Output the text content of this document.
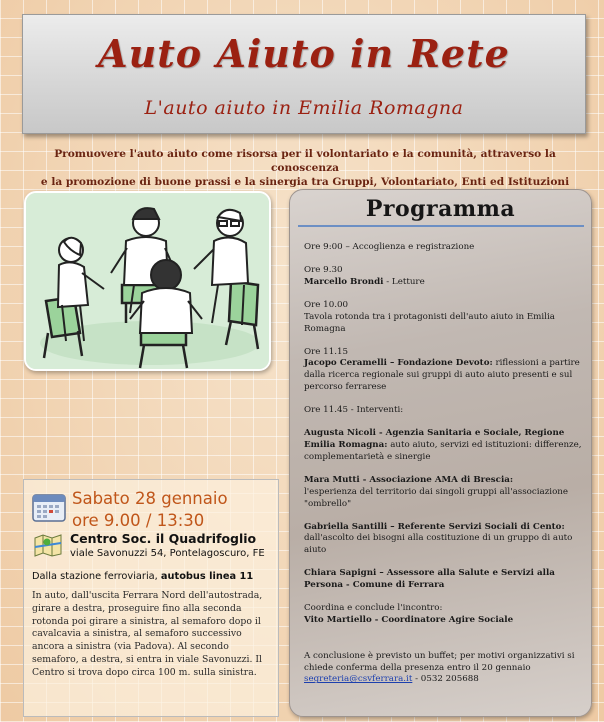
Auto Aiuto in Rete
L'auto aiuto in Emilia Romagna
Promuovere l'auto aiuto come risorsa per il volontariato e la comunità, attraverso la conoscenza
e la promozione di buone prassi e la sinergia tra Gruppi, Volontariato, Enti ed Istituzioni
Sabato 28 gennaio
ore 9.00 / 13:30
Centro Soc. il Quadrifoglio
viale Savonuzzi 54, Pontelagoscuro, FE
Dalla stazione ferroviaria, autobus linea 11
In auto, dall'uscita Ferrara Nord dell'autostrada, girare a destra, proseguire fino alla seconda rotonda poi girare a sinistra, al semaforo dopo il cavalcavia a sinistra, al semaforo successivo ancora a sinistra (via Padova). Al secondo semaforo, a destra, si entra in viale Savonuzzi. Il Centro si trova dopo circa 100 m. sulla sinistra.
Programma
Ore 9:00 – Accoglienza e registrazione
Ore 9.30
Marcello Brondi - Letture
Ore 10.00
Tavola rotonda tra i protagonisti dell'auto aiuto in Emilia Romagna
Ore 11.15
Jacopo Ceramelli – Fondazione Devoto: riflessioni a partire dalla ricerca regionale sui gruppi di auto aiuto presenti e sul percorso ferrarese
Ore 11.45 - Interventi:
Augusta Nicoli - Agenzia Sanitaria e Sociale, Regione Emilia Romagna: auto aiuto, servizi ed istituzioni: differenze, complementarietà e sinergie
Mara Mutti - Associazione AMA di Brescia:
l'esperienza del territorio dai singoli gruppi all'associazione "ombrello"
Gabriella Santilli – Referente Servizi Sociali di Cento: dall'ascolto dei bisogni alla costituzione di un gruppo di auto aiuto
Chiara Sapigni – Assessore alla Salute e Servizi alla Persona - Comune di Ferrara
Coordina e conclude l'incontro:
Vito Martiello - Coordinatore Agire Sociale
A conclusione è previsto un buffet; per motivi organizzativi si chiede conferma della presenza entro il 20 gennaio
segreteria@csvferrara.it - 0532 205688
